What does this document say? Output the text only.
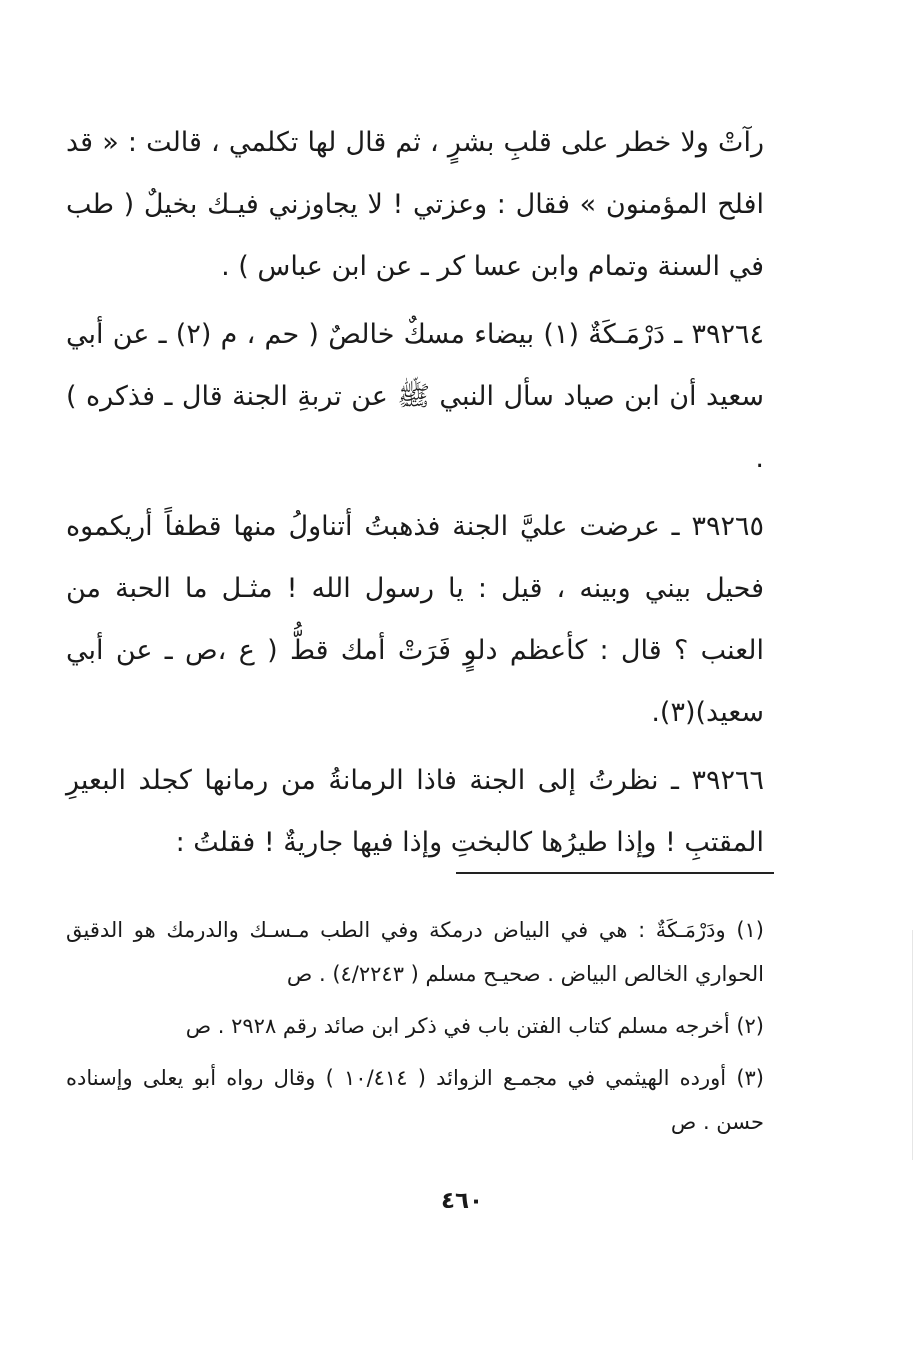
رآتْ ولا خطر على قلبِ بشرٍ ، ثم قال لها تكلمي ، قالت : « قد افلح المؤمنون » فقال : وعزتي ! لا يجاوزني فيـك بخيلٌ ( طب في السنة وتمام وابن عسا كر ـ عن ابن عباس ) .

٣٩٢٦٤ ـ دَرْمَـكَةٌ (١) بيضاء مسكٌ خالصٌ ( حم ، م (٢) ـ عن أبي سعيد أن ابن صياد سأل النبي ﷺ عن تربةِ الجنة قال ـ فذكره ) .

٣٩٢٦٥ ـ عرضت عليَّ الجنة فذهبتُ أتناولُ منها قطفاً أريكموه فحيل بيني وبينه ، قيل : يا رسول الله ! مثـل ما الحبة من العنب ؟ قال : كأعظم دلوٍ فَرَتْ أمك قطُّ ( ع ،ص ـ عن أبي سعيد)(٣).

٣٩٢٦٦ ـ نظرتُ إلى الجنة فاذا الرمانةُ من رمانها كجلد البعيرِ المقتبِ ! وإذا طيرُها كالبختِ وإذا فيها جاريةٌ ! فقلتُ :

(١) ودَرْمَـكَةٌ : هي في البياض درمكة وفي الطب مـسـك والدرمك هو الدقيق الحواري الخالص البياض . صحيـح مسلم ( ٤/٢٢٤٣) . ص

(٢) أخرجه مسلم كتاب الفتن باب في ذكر ابن صائد رقم ٢٩٢٨ . ص

(٣) أورده الهيثمي في مجمـع الزوائد ( ١٠/٤١٤ ) وقال رواه أبو يعلى وإسناده حسن . ص

٤٦٠
